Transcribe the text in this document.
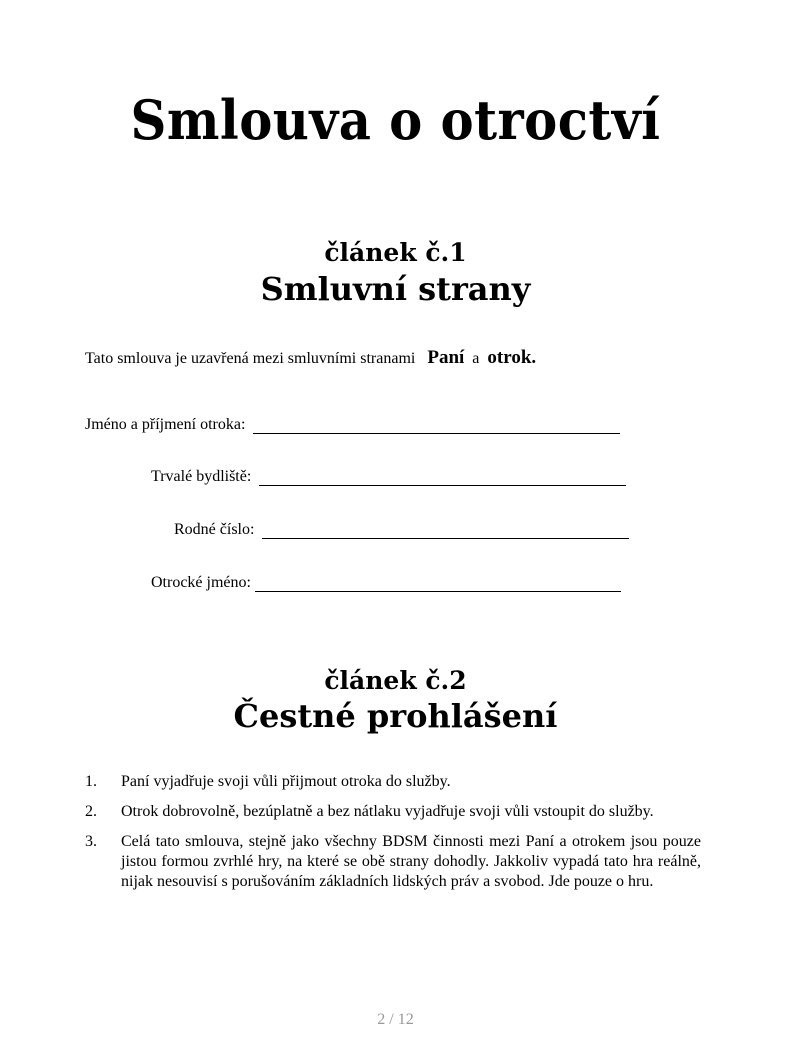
Smlouva o otroctví
článek č.1
Smluvní strany
Tato smlouva je uzavřená mezi smluvními stranami Paní a otrok.
Jméno a příjmení otroka:
Trvalé bydliště:
Rodné číslo:
Otrocké jméno:
článek č.2
Čestné prohlášení
1.	Paní vyjadřuje svoji vůli přijmout otroka do služby.
2.	Otrok dobrovolně, bezúplatně a bez nátlaku vyjadřuje svoji vůli vstoupit do služby.
3.	Celá tato smlouva, stejně jako všechny BDSM činnosti mezi Paní a otrokem jsou pouze jistou formou zvrhlé hry, na které se obě strany dohodly. Jakkoliv vypadá tato hra reálně, nijak nesouvisí s porušováním základních lidských práv a svobod. Jde pouze o hru.
2 / 12
